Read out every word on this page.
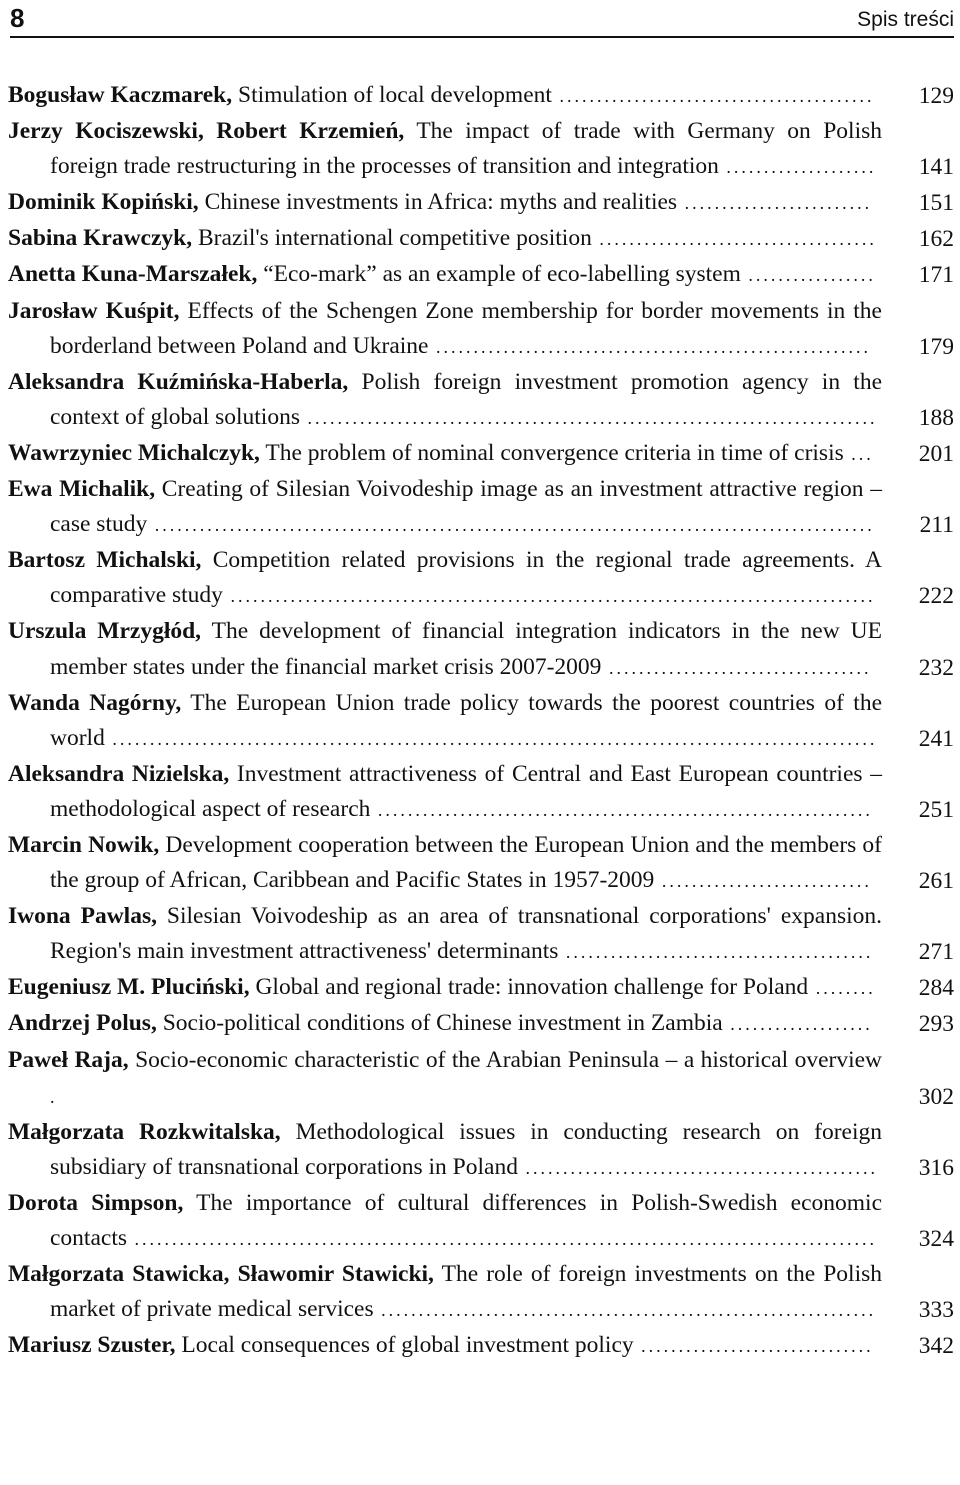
8	Spis treści
Bogusław Kaczmarek, Stimulation of local development ..........................................	129
Jerzy Kociszewski, Robert Krzemień, The impact of trade with Germany on Polish foreign trade restructuring in the processes of transition and integration ....................	141
Dominik Kopiński, Chinese investments in Africa: myths and realities .........................	151
Sabina Krawczyk, Brazil's international competitive position .....................................	162
Anetta Kuna-Marszałek, “Eco-mark” as an example of eco-labelling system .................	171
Jarosław Kuśpit, Effects of the Schengen Zone membership for border movements in the borderland between Poland and Ukraine ..........................................................	179
Aleksandra Kuźmińska-Haberla, Polish foreign investment promotion agency in the context of global solutions ............................................................................	188
Wawrzyniec Michalczyk, The problem of nominal convergence criteria in time of crisis ...	201
Ewa Michalik, Creating of Silesian Voivodeship image as an investment attractive region – case study ................................................................................................	211
Bartosz Michalski, Competition related provisions in the regional trade agreements. A comparative study ......................................................................................	222
Urszula Mrzygłód, The development of financial integration indicators in the new UE member states under the financial market crisis 2007-2009 ...................................	232
Wanda Nagórny, The European Union trade policy towards the poorest countries of the world ......................................................................................................	241
Aleksandra Nizielska, Investment attractiveness of Central and East European countries – methodological aspect of research ..................................................................	251
Marcin Nowik, Development cooperation between the European Union and the members of the group of African, Caribbean and Pacific States in 1957-2009 ............................	261
Iwona Pawlas, Silesian Voivodeship as an area of transnational corporations' expansion. Region's main investment attractiveness' determinants .........................................	271
Eugeniusz M. Pluciński, Global and regional trade: innovation challenge for Poland ........	284
Andrzej Polus, Socio-political conditions of Chinese investment in Zambia ...................	293
Paweł Raja, Socio-economic characteristic of the Arabian Peninsula – a historical overview .	302
Małgorzata Rozkwitalska, Methodological issues in conducting research on foreign subsidiary of transnational corporations in Poland ...............................................	316
Dorota Simpson, The importance of cultural differences in Polish-Swedish economic contacts ...................................................................................................	324
Małgorzata Stawicka, Sławomir Stawicki, The role of foreign investments on the Polish market of private medical services ..................................................................	333
Mariusz Szuster, Local consequences of global investment policy ...............................	342
